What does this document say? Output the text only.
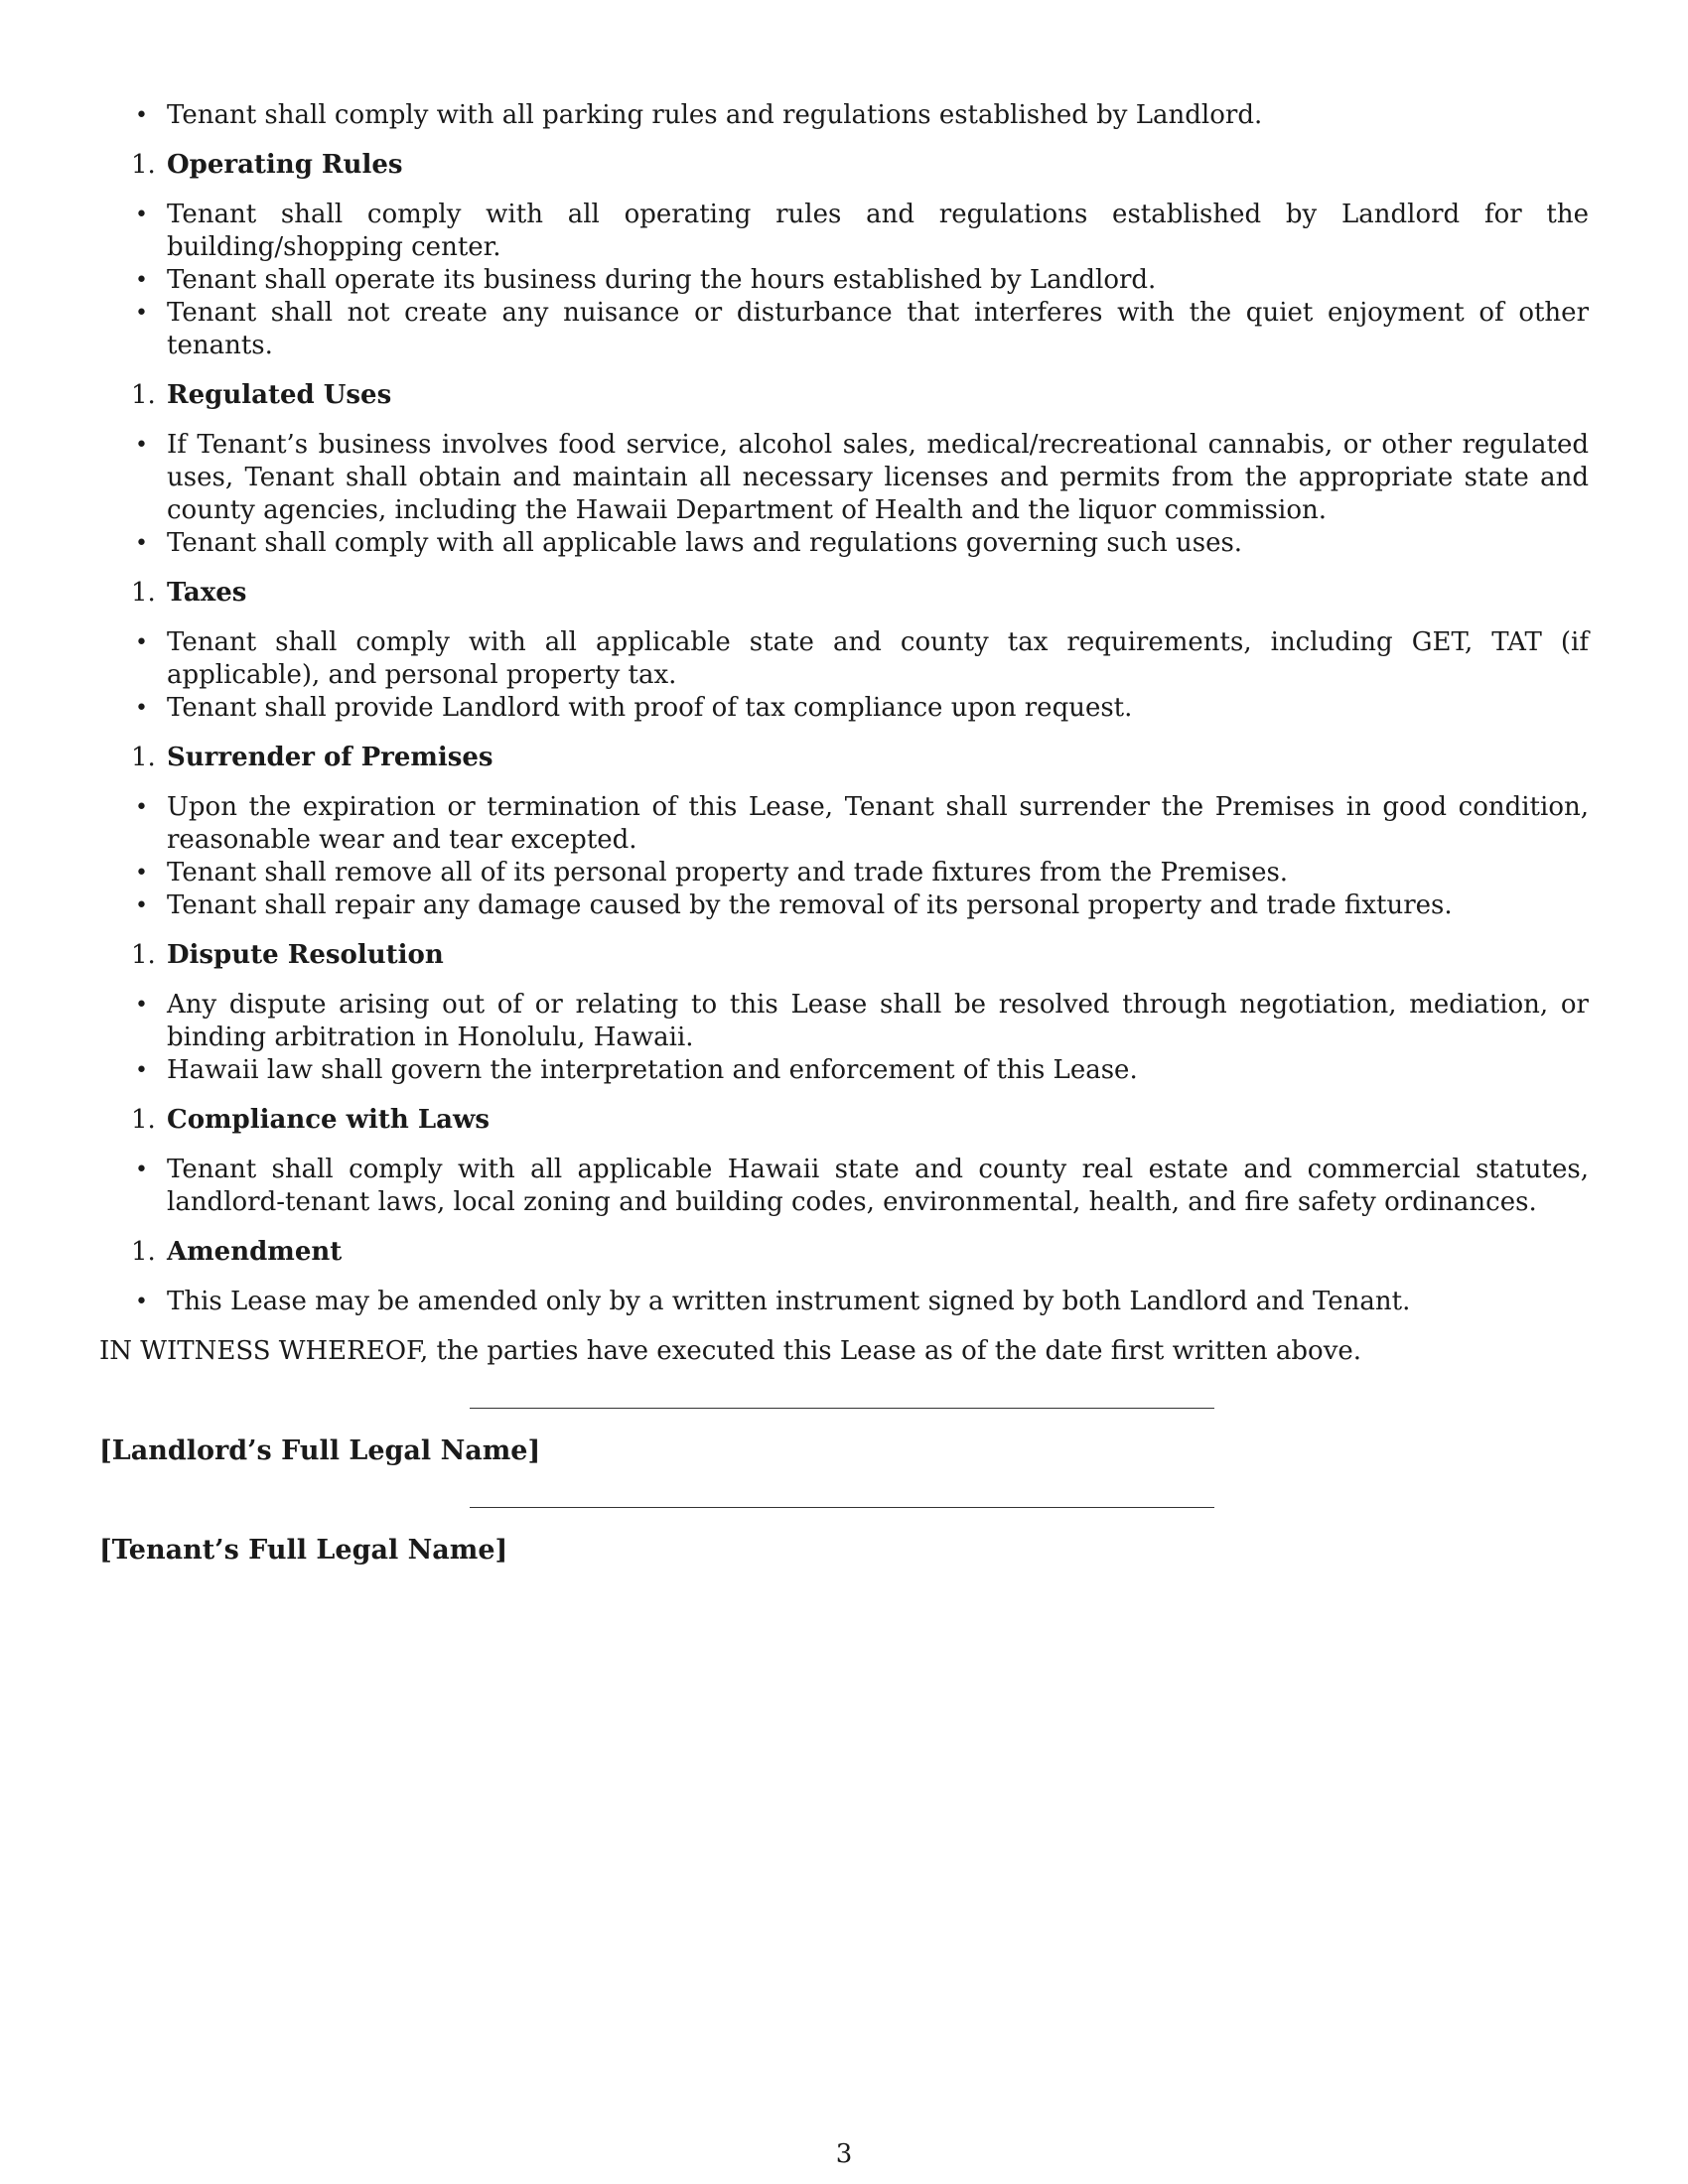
• Tenant shall comply with all parking rules and regulations established by Landlord.
1. Operating Rules
• Tenant shall comply with all operating rules and regulations established by Landlord for the building/shopping center.
• Tenant shall operate its business during the hours established by Landlord.
• Tenant shall not create any nuisance or disturbance that interferes with the quiet enjoyment of other tenants.
1. Regulated Uses
• If Tenant’s business involves food service, alcohol sales, medical/recreational cannabis, or other regulated uses, Tenant shall obtain and maintain all necessary licenses and permits from the appropriate state and county agencies, including the Hawaii Department of Health and the liquor commission.
• Tenant shall comply with all applicable laws and regulations governing such uses.
1. Taxes
• Tenant shall comply with all applicable state and county tax requirements, including GET, TAT (if applicable), and personal property tax.
• Tenant shall provide Landlord with proof of tax compliance upon request.
1. Surrender of Premises
• Upon the expiration or termination of this Lease, Tenant shall surrender the Premises in good condition, reasonable wear and tear excepted.
• Tenant shall remove all of its personal property and trade fixtures from the Premises.
• Tenant shall repair any damage caused by the removal of its personal property and trade fixtures.
1. Dispute Resolution
• Any dispute arising out of or relating to this Lease shall be resolved through negotiation, mediation, or binding arbitration in Honolulu, Hawaii.
• Hawaii law shall govern the interpretation and enforcement of this Lease.
1. Compliance with Laws
• Tenant shall comply with all applicable Hawaii state and county real estate and commercial statutes, landlord-tenant laws, local zoning and building codes, environmental, health, and fire safety ordinances.
1. Amendment
• This Lease may be amended only by a written instrument signed by both Landlord and Tenant.
IN WITNESS WHEREOF, the parties have executed this Lease as of the date first written above.
[Landlord’s Full Legal Name]
[Tenant’s Full Legal Name]
3
